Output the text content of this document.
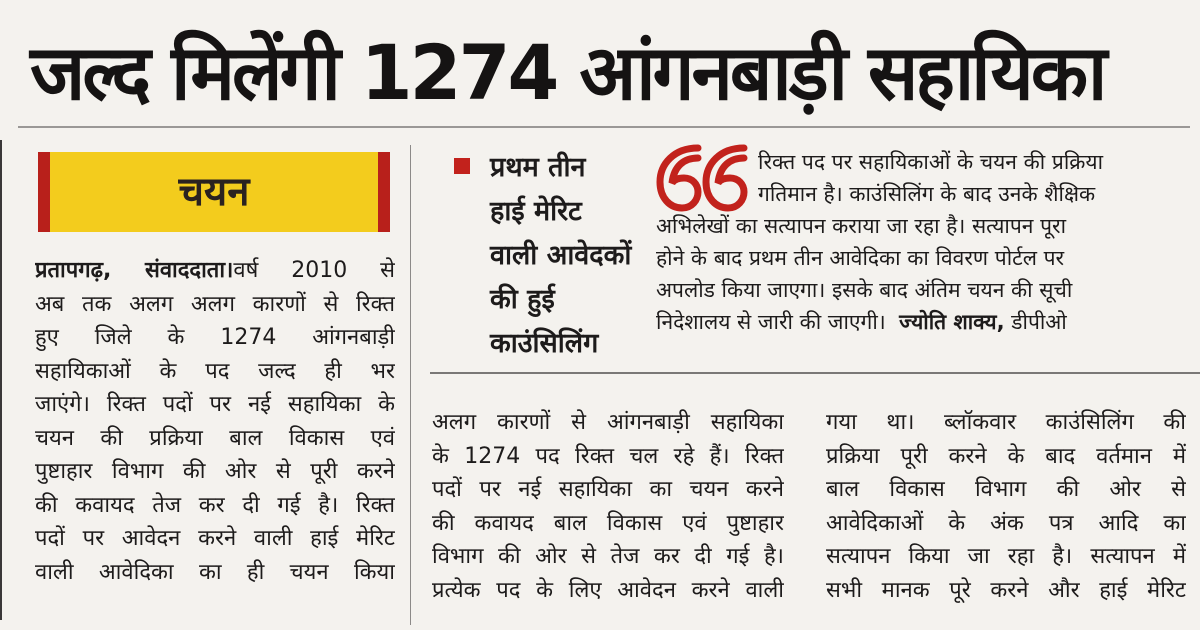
जल्द मिलेंगी 1274 आंगनबाड़ी सहायिका
चयन
प्रथम तीन
हाई मेरिट
वाली आवेदकों
की हुई
काउंसिलिंग
रिक्त पद पर सहायिकाओं के चयन की प्रक्रिया
गतिमान है। काउंसिलिंग के बाद उनके शैक्षिक
अभिलेखों का सत्यापन कराया जा रहा है। सत्यापन पूरा
होने के बाद प्रथम तीन आवेदिका का विवरण पोर्टल पर
अपलोड किया जाएगा। इसके बाद अंतिम चयन की सूची
निदेशालय से जारी की जाएगी। ज्योति शाक्य, डीपीओ
प्रतापगढ़, संवाददाता।वर्ष 2010 से
अब तक अलग अलग कारणों से रिक्त
हुए जिले के 1274 आंगनबाड़ी
सहायिकाओं के पद जल्द ही भर
जाएंगे। रिक्त पदों पर नई सहायिका के
चयन की प्रक्रिया बाल विकास एवं
पुष्टाहार विभाग की ओर से पूरी करने
की कवायद तेज कर दी गई है। रिक्त
पदों पर आवेदन करने वाली हाई मेरिट
वाली आवेदिका का ही चयन किया
अलग कारणों से आंगनबाड़ी सहायिका
के 1274 पद रिक्त चल रहे हैं। रिक्त
पदों पर नई सहायिका का चयन करने
की कवायद बाल विकास एवं पुष्टाहार
विभाग की ओर से तेज कर दी गई है।
प्रत्येक पद के लिए आवेदन करने वाली
गया था। ब्लॉकवार काउंसिलिंग की
प्रक्रिया पूरी करने के बाद वर्तमान में
बाल विकास विभाग की ओर से
आवेदिकाओं के अंक पत्र आदि का
सत्यापन किया जा रहा है। सत्यापन में
सभी मानक पूरे करने और हाई मेरिट
